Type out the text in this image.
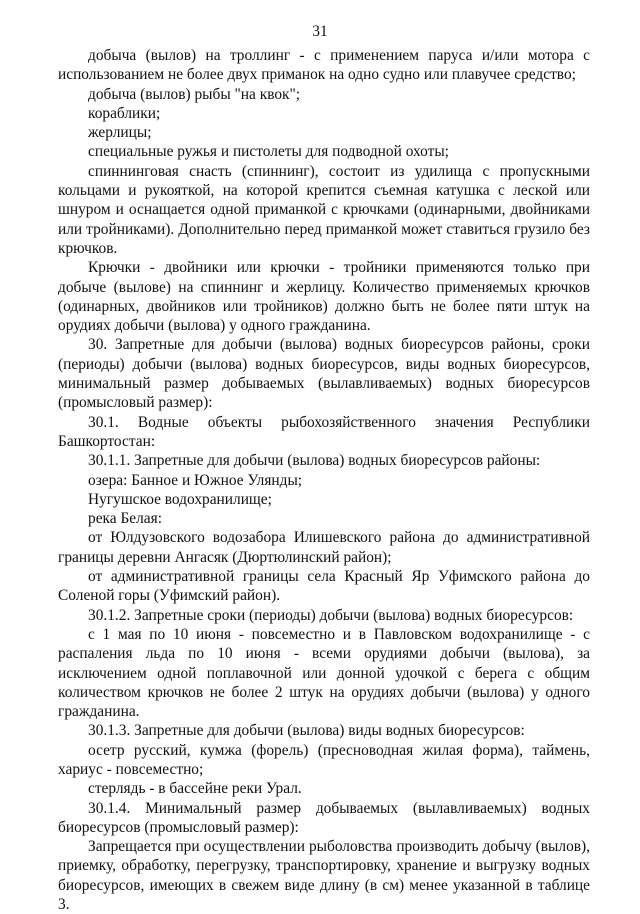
31

добыча (вылов) на троллинг - с применением паруса и/или мотора с использованием не более двух приманок на одно судно или плавучее средство;

добыча (вылов) рыбы "на квок";

кораблики;

жерлицы;

специальные ружья и пистолеты для подводной охоты;

спиннинговая снасть (спиннинг), состоит из удилища с пропускными кольцами и рукояткой, на которой крепится съемная катушка с леской или шнуром и оснащается одной приманкой с крючками (одинарными, двойниками или тройниками). Дополнительно перед приманкой может ставиться грузило без крючков.

Крючки - двойники или крючки - тройники применяются только при добыче (вылове) на спиннинг и жерлицу. Количество применяемых крючков (одинарных, двойников или тройников) должно быть не более пяти штук на орудиях добычи (вылова) у одного гражданина.

30. Запретные для добычи (вылова) водных биоресурсов районы, сроки (периоды) добычи (вылова) водных биоресурсов, виды водных биоресурсов, минимальный размер добываемых (вылавливаемых) водных биоресурсов (промысловый размер):

30.1. Водные объекты рыбохозяйственного значения Республики Башкортостан:

30.1.1. Запретные для добычи (вылова) водных биоресурсов районы:

озера: Банное и Южное Улянды;

Нугушское водохранилище;

река Белая:

от Юлдузовского водозабора Илишевского района до административной границы деревни Ангасяк (Дюртюлинский район);

от административной границы села Красный Яр Уфимского района до Соленой горы (Уфимский район).

30.1.2. Запретные сроки (периоды) добычи (вылова) водных биоресурсов:

с 1 мая по 10 июня - повсеместно и в Павловском водохранилище - с распаления льда по 10 июня - всеми орудиями добычи (вылова), за исключением одной поплавочной или донной удочкой с берега с общим количеством крючков не более 2 штук на орудиях добычи (вылова) у одного гражданина.

30.1.3. Запретные для добычи (вылова) виды водных биоресурсов:

осетр русский, кумжа (форель) (пресноводная жилая форма), таймень, хариус - повсеместно;

стерлядь - в бассейне реки Урал.

30.1.4. Минимальный размер добываемых (вылавливаемых) водных биоресурсов (промысловый размер):

Запрещается при осуществлении рыболовства производить добычу (вылов), приемку, обработку, перегрузку, транспортировку, хранение и выгрузку водных биоресурсов, имеющих в свежем виде длину (в см) менее указанной в таблице 3.
